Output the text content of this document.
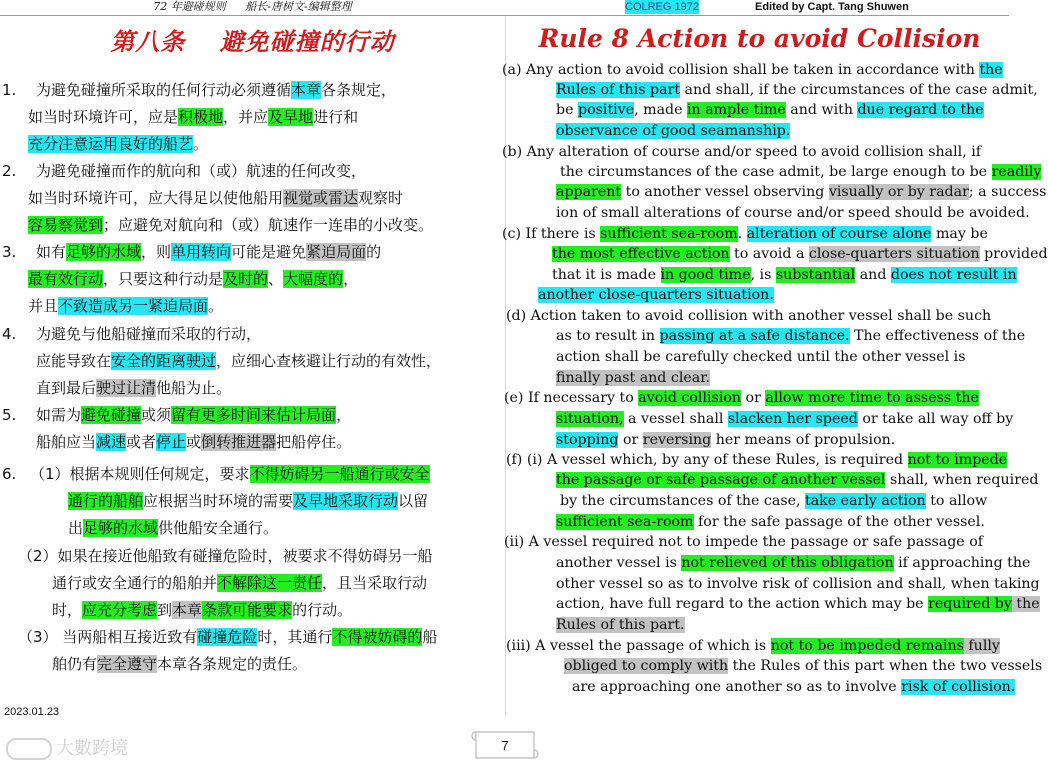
72 年避碰规则 船长-唐树文-编辑整理	COLREG 1972	Edited by Capt. Tang Shuwen
第八条　 避免碰撞的行动	Rule 8 Action to avoid Collision
为避免碰撞所采取的任何行动必须遵循本章各条规定，
如当时环境许可，应是积极地，并应及早地进行和
充分注意运用良好的船艺。
为避免碰撞而作的航向和（或）航速的任何改变，
如当时环境许可，应大得足以使他船用视觉或雷达观察时
容易察觉到；应避免对航向和（或）航速作一连串的小改变。
如有足够的水域，则单用转向可能是避免紧迫局面的
最有效行动，只要这种行动是及时的、大幅度的，
并且不致造成另一紧迫局面。
为避免与他船碰撞而采取的行动，
应能导致在安全的距离驶过，应细心查核避让行动的有效性，
直到最后驶过让清他船为止。
如需为避免碰撞或须留有更多时间来估计局面，
船舶应当减速或者停止或倒转推进器把船停住。
（1）根据本规则任何规定，要求不得妨碍另一船通行或安全
通行的船舶应根据当时环境的需要及早地采取行动以留
出足够的水域供他船安全通行。
（2）如果在接近他船致有碰撞危险时，被要求不得妨碍另一船
通行或安全通行的船舶并不解除这一责任，且当采取行动
时，应充分考虑到本章条款可能要求的行动。
（3） 当两船相互接近致有碰撞危险时，其通行不得被妨碍的船
舶仍有完全遵守本章各条规定的责任。
1.
2.
3.
4.
5.
6.
(a) Any action to avoid collision shall be taken in accordance with the
Rules of this part and shall, if the circumstances of the case admit,
be positive, made in ample time and with due regard to the
observance of good seamanship.
(b) Any alteration of course and/or speed to avoid collision shall, if
the circumstances of the case admit, be large enough to be readily
apparent to another vessel observing visually or by radar; a success
ion of small alterations of course and/or speed should be avoided.
(c) If there is sufficient sea-room. alteration of course alone may be
the most effective action to avoid a close-quarters situation provided
that it is made in good time, is substantial and does not result in
another close-quarters situation.
(d) Action taken to avoid collision with another vessel shall be such
as to result in passing at a safe distance. The effectiveness of the
action shall be carefully checked until the other vessel is
finally past and clear.
(e) If necessary to avoid collision or allow more time to assess the
situation, a vessel shall slacken her speed or take all way off by
stopping or reversing her means of propulsion.
(f) (i) A vessel which, by any of these Rules, is required not to impede
the passage or safe passage of another vessel shall, when required
by the circumstances of the case, take early action to allow
sufficient sea-room for the safe passage of the other vessel.
(ii) A vessel required not to impede the passage or safe passage of
another vessel is not relieved of this obligation if approaching the
other vessel so as to involve risk of collision and shall, when taking
action, have full regard to the action which may be required by the
Rules of this part.
(iii) A vessel the passage of which is not to be impeded remains fully
obliged to comply with the Rules of this part when the two vessels
are approaching one another so as to involve risk of collision.
2023.01.23
大數跨境	7
